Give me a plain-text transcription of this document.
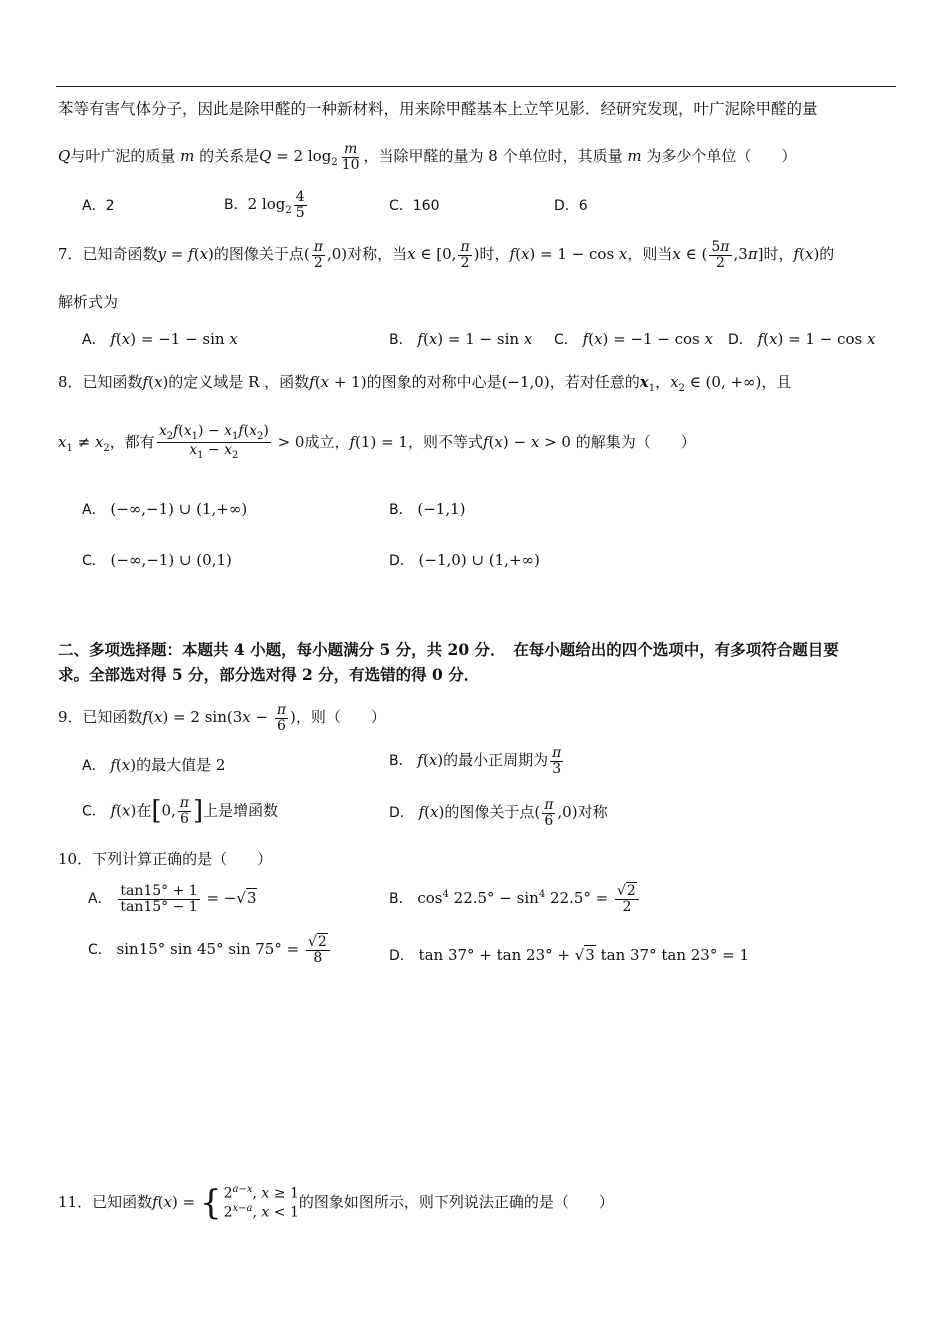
苯等有害气体分子，因此是除甲醛的一种新材料，用来除甲醛基本上立竿见影．经研究发现，叶广泥除甲醛的量
Q与叶广泥的质量 m 的关系是Q = 2 $\log_2 \frac{m}{10}$ ，当除甲醛的量为 8 个单位时，其质量 m 为多少个单位（　　）
A．2	B．2 $\log_2 \frac{4}{5}$	C．160	D．6
7．已知奇函数y = f(x)的图像关于点( $\frac{\pi}{2} ,0$)对称，当x ∈ [0, $\frac{\pi}{2}$ )时，f(x) = 1 − cos x，则当x ∈ ( $\frac{5\pi}{2} ,3\pi$]时，f(x)的
解析式为
A． f(x) = −1 − sin x	B． f(x) = 1 − sin x C． f(x) = −1 − cos x D． f(x) = 1 − cos x
8．已知函数f(x)的定义域是 R ，函数f(x + 1)的图象的对称中心是(−1,0)，若对任意的$x_1$，$x_2$ ∈ (0, +∞)，且
$x_1 \ne x_2$，都有 $\frac{x_2f(x_1) - x_1f(x_2)}{x_1 - x_2} > 0$成立，f(1) = 1，则不等式f(x) − x > 0 的解集为（　　）
A． (−∞,−1) ∪ (1,+∞)	B． (−1,1)
C． (−∞,−1) ∪ (0,1)	D． (−1,0) ∪ (1,+∞)
二、多项选择题：本题共 4 小题，每小题满分 5 分，共 20 分．　在每小题给出的四个选项中，有多项符合题目要
求。全部选对得 5 分，部分选对得 2 分，有选错的得 0 分．
9．已知函数f(x) = 2 $\sin(3x - \frac{\pi}{6}$ )，则（　　）
A． f(x)的最大值是 2	B． f(x)的最小正周期为 $\frac{\pi}{3}$
C． f(x)在[0, $\frac{\pi}{6}$ ]上是增函数	D． f(x)的图像关于点( $\frac{\pi}{6} ,0$)对称
10．下列计算正确的是（　　）
A． $\frac{\tan 15^\circ + 1}{\tan 15^\circ - 1} = -√3$	B． $\cos^4 22.5^\circ - \sin^4 22.5^\circ = \frac{√2}{2}$
C． sin15° sin 45° $\sin 75^\circ = \frac{√2}{8}$	D． tan 37° + tan 23° + √3 tan 37° tan 23° = 1
11．已知函数f(x) = { $2^{a-x}$, x ≥ 1
$2^{x-a}$, x < 1
的图象如图所示，则下列说法正确的是（　　）
